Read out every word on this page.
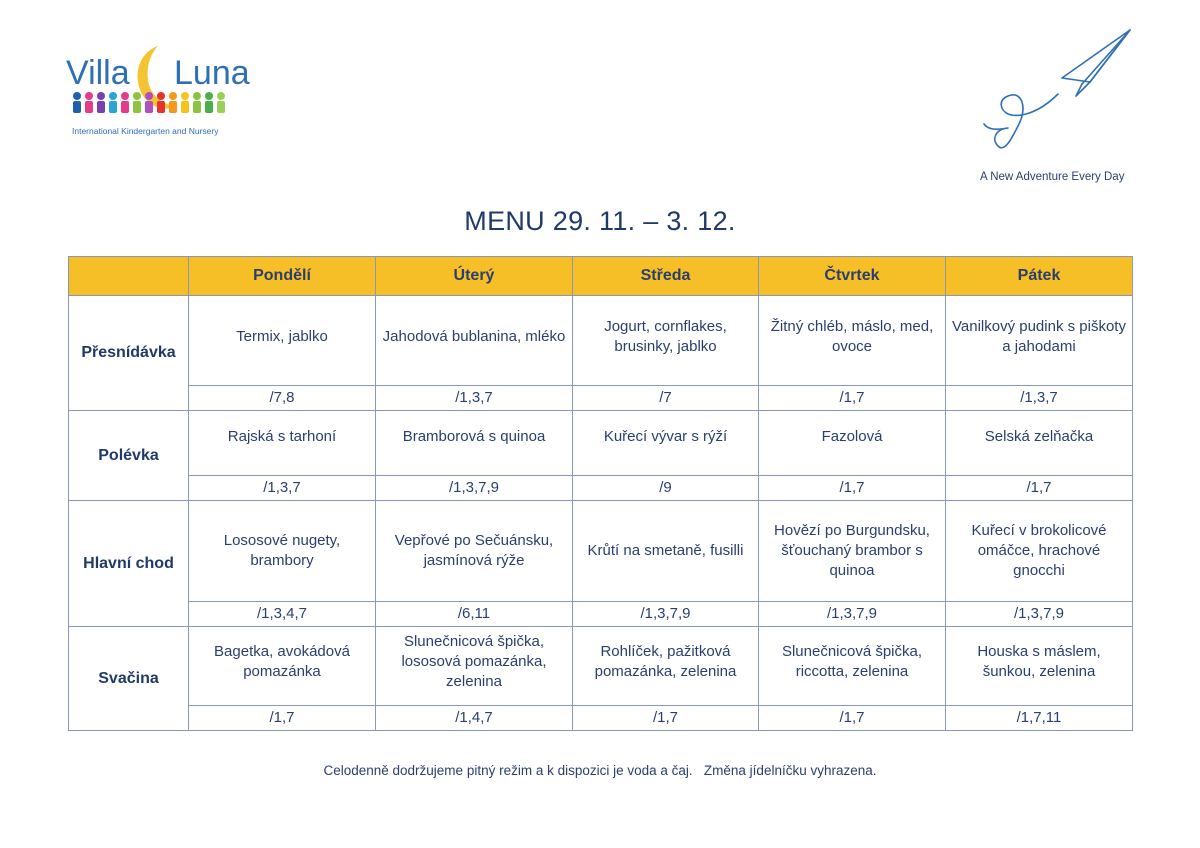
Villa Luna
International Kindergarten and Nursery
A New Adventure Every Day
MENU 29. 11. – 3. 12.
	Pondělí	Úterý	Středa	Čtvrtek	Pátek
Přesnídávka	Termix, jablko	Jahodová bublanina, mléko	Jogurt, cornflakes, brusinky, jablko	Žitný chléb, máslo, med, ovoce	Vanilkový pudink s piškoty a jahodami

	/7,8	/1,3,7	/7	/1,7	/1,3,7
Polévka	Rajská s tarhoní	Bramborová s quinoa	Kuřecí vývar s rýží	Fazolová	Selská zelňačka

	/1,3,7	/1,3,7,9	/9	/1,7	/1,7
Hlavní chod	Lososové nugety, brambory	Vepřové po Sečuánsku, jasmínová rýže	Krůtí na smetaně, fusilli	Hovězí po Burgundsku, šťouchaný brambor s quinoa	Kuřecí v brokolicové omáčce, hrachové gnocchi

	/1,3,4,7	/6,11	/1,3,7,9	/1,3,7,9	/1,3,7,9
Svačina	Bagetka, avokádová pomazánka	Slunečnicová špička, lososová pomazánka, zelenina	Rohlíček, pažitková pomazánka, zelenina	Slunečnicová špička, riccotta, zelenina	Houska s máslem, šunkou, zelenina

	/1,7	/1,4,7	/1,7	/1,7	/1,7,11
Celodenně dodržujeme pitný režim a k dispozici je voda a čaj.   Změna jídelníčku vyhrazena.
